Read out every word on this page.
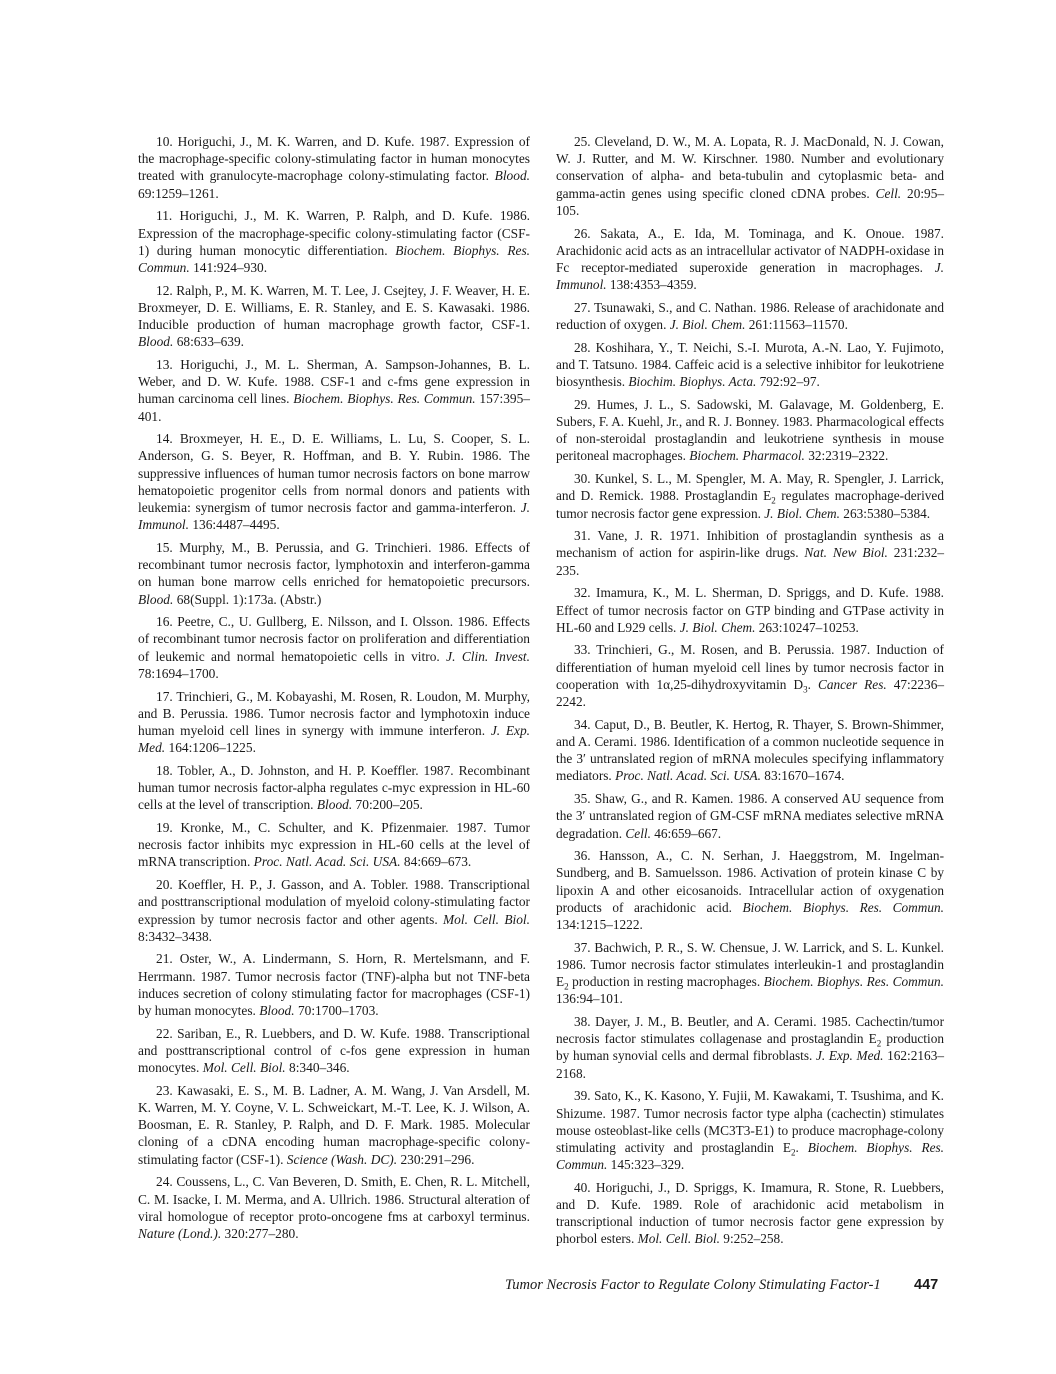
10. Horiguchi, J., M. K. Warren, and D. Kufe. 1987. Expression of the macrophage-specific colony-stimulating factor in human monocytes treated with granulocyte-macrophage colony-stimulating factor. Blood. 69:1259–1261.
11. Horiguchi, J., M. K. Warren, P. Ralph, and D. Kufe. 1986. Expression of the macrophage-specific colony-stimulating factor (CSF-1) during human monocytic differentiation. Biochem. Biophys. Res. Commun. 141:924–930.
12. Ralph, P., M. K. Warren, M. T. Lee, J. Csejtey, J. F. Weaver, H. E. Broxmeyer, D. E. Williams, E. R. Stanley, and E. S. Kawasaki. 1986. Inducible production of human macrophage growth factor, CSF-1. Blood. 68:633–639.
13. Horiguchi, J., M. L. Sherman, A. Sampson-Johannes, B. L. Weber, and D. W. Kufe. 1988. CSF-1 and c-fms gene expression in human carcinoma cell lines. Biochem. Biophys. Res. Commun. 157:395–401.
14. Broxmeyer, H. E., D. E. Williams, L. Lu, S. Cooper, S. L. Anderson, G. S. Beyer, R. Hoffman, and B. Y. Rubin. 1986. The suppressive influences of human tumor necrosis factors on bone marrow hematopoietic progenitor cells from normal donors and patients with leukemia: synergism of tumor necrosis factor and gamma-interferon. J. Immunol. 136:4487–4495.
15. Murphy, M., B. Perussia, and G. Trinchieri. 1986. Effects of recombinant tumor necrosis factor, lymphotoxin and interferon-gamma on human bone marrow cells enriched for hematopoietic precursors. Blood. 68(Suppl. 1):173a. (Abstr.)
16. Peetre, C., U. Gullberg, E. Nilsson, and I. Olsson. 1986. Effects of recombinant tumor necrosis factor on proliferation and differentiation of leukemic and normal hematopoietic cells in vitro. J. Clin. Invest. 78:1694–1700.
17. Trinchieri, G., M. Kobayashi, M. Rosen, R. Loudon, M. Murphy, and B. Perussia. 1986. Tumor necrosis factor and lymphotoxin induce human myeloid cell lines in synergy with immune interferon. J. Exp. Med. 164:1206–1225.
18. Tobler, A., D. Johnston, and H. P. Koeffler. 1987. Recombinant human tumor necrosis factor-alpha regulates c-myc expression in HL-60 cells at the level of transcription. Blood. 70:200–205.
19. Kronke, M., C. Schulter, and K. Pfizenmaier. 1987. Tumor necrosis factor inhibits myc expression in HL-60 cells at the level of mRNA transcription. Proc. Natl. Acad. Sci. USA. 84:669–673.
20. Koeffler, H. P., J. Gasson, and A. Tobler. 1988. Transcriptional and posttranscriptional modulation of myeloid colony-stimulating factor expression by tumor necrosis factor and other agents. Mol. Cell. Biol. 8:3432–3438.
21. Oster, W., A. Lindermann, S. Horn, R. Mertelsmann, and F. Herrmann. 1987. Tumor necrosis factor (TNF)-alpha but not TNF-beta induces secretion of colony stimulating factor for macrophages (CSF-1) by human monocytes. Blood. 70:1700–1703.
22. Sariban, E., R. Luebbers, and D. W. Kufe. 1988. Transcriptional and posttranscriptional control of c-fos gene expression in human monocytes. Mol. Cell. Biol. 8:340–346.
23. Kawasaki, E. S., M. B. Ladner, A. M. Wang, J. Van Arsdell, M. K. Warren, M. Y. Coyne, V. L. Schweickart, M.-T. Lee, K. J. Wilson, A. Boosman, E. R. Stanley, P. Ralph, and D. F. Mark. 1985. Molecular cloning of a cDNA encoding human macrophage-specific colony-stimulating factor (CSF-1). Science (Wash. DC). 230:291–296.
24. Coussens, L., C. Van Beveren, D. Smith, E. Chen, R. L. Mitchell, C. M. Isacke, I. M. Merma, and A. Ullrich. 1986. Structural alteration of viral homologue of receptor proto-oncogene fms at carboxyl terminus. Nature (Lond.). 320:277–280.
25. Cleveland, D. W., M. A. Lopata, R. J. MacDonald, N. J. Cowan, W. J. Rutter, and M. W. Kirschner. 1980. Number and evolutionary conservation of alpha- and beta-tubulin and cytoplasmic beta- and gamma-actin genes using specific cloned cDNA probes. Cell. 20:95–105.
26. Sakata, A., E. Ida, M. Tominaga, and K. Onoue. 1987. Arachidonic acid acts as an intracellular activator of NADPH-oxidase in Fc receptor-mediated superoxide generation in macrophages. J. Immunol. 138:4353–4359.
27. Tsunawaki, S., and C. Nathan. 1986. Release of arachidonate and reduction of oxygen. J. Biol. Chem. 261:11563–11570.
28. Koshihara, Y., T. Neichi, S.-I. Murota, A.-N. Lao, Y. Fujimoto, and T. Tatsuno. 1984. Caffeic acid is a selective inhibitor for leukotriene biosynthesis. Biochim. Biophys. Acta. 792:92–97.
29. Humes, J. L., S. Sadowski, M. Galavage, M. Goldenberg, E. Subers, F. A. Kuehl, Jr., and R. J. Bonney. 1983. Pharmacological effects of non-steroidal prostaglandin and leukotriene synthesis in mouse peritoneal macrophages. Biochem. Pharmacol. 32:2319–2322.
30. Kunkel, S. L., M. Spengler, M. A. May, R. Spengler, J. Larrick, and D. Remick. 1988. Prostaglandin $E_2$ regulates macrophage-derived tumor necrosis factor gene expression. J. Biol. Chem. 263:5380–5384.
31. Vane, J. R. 1971. Inhibition of prostaglandin synthesis as a mechanism of action for aspirin-like drugs. Nat. New Biol. 231:232–235.
32. Imamura, K., M. L. Sherman, D. Spriggs, and D. Kufe. 1988. Effect of tumor necrosis factor on GTP binding and GTPase activity in HL-60 and L929 cells. J. Biol. Chem. 263:10247–10253.
33. Trinchieri, G., M. Rosen, and B. Perussia. 1987. Induction of differentiation of human myeloid cell lines by tumor necrosis factor in cooperation with 1α,25-dihydroxyvitamin $D_3$. Cancer Res. 47:2236–2242.
34. Caput, D., B. Beutler, K. Hertog, R. Thayer, S. Brown-Shimmer, and A. Cerami. 1986. Identification of a common nucleotide sequence in the 3′ untranslated region of mRNA molecules specifying inflammatory mediators. Proc. Natl. Acad. Sci. USA. 83:1670–1674.
35. Shaw, G., and R. Kamen. 1986. A conserved AU sequence from the 3′ untranslated region of GM-CSF mRNA mediates selective mRNA degradation. Cell. 46:659–667.
36. Hansson, A., C. N. Serhan, J. Haeggstrom, M. Ingelman-Sundberg, and B. Samuelsson. 1986. Activation of protein kinase C by lipoxin A and other eicosanoids. Intracellular action of oxygenation products of arachidonic acid. Biochem. Biophys. Res. Commun. 134:1215–1222.
37. Bachwich, P. R., S. W. Chensue, J. W. Larrick, and S. L. Kunkel. 1986. Tumor necrosis factor stimulates interleukin-1 and prostaglandin $E_2$ production in resting macrophages. Biochem. Biophys. Res. Commun. 136:94–101.
38. Dayer, J. M., B. Beutler, and A. Cerami. 1985. Cachectin/tumor necrosis factor stimulates collagenase and prostaglandin $E_2$ production by human synovial cells and dermal fibroblasts. J. Exp. Med. 162:2163–2168.
39. Sato, K., K. Kasono, Y. Fujii, M. Kawakami, T. Tsushima, and K. Shizume. 1987. Tumor necrosis factor type alpha (cachectin) stimulates mouse osteoblast-like cells (MC3T3-E1) to produce macrophage-colony stimulating activity and prostaglandin $E_2$. Biochem. Biophys. Res. Commun. 145:323–329.
40. Horiguchi, J., D. Spriggs, K. Imamura, R. Stone, R. Luebbers, and D. Kufe. 1989. Role of arachidonic acid metabolism in transcriptional induction of tumor necrosis factor gene expression by phorbol esters. Mol. Cell. Biol. 9:252–258.
Tumor Necrosis Factor to Regulate Colony Stimulating Factor-1 447
